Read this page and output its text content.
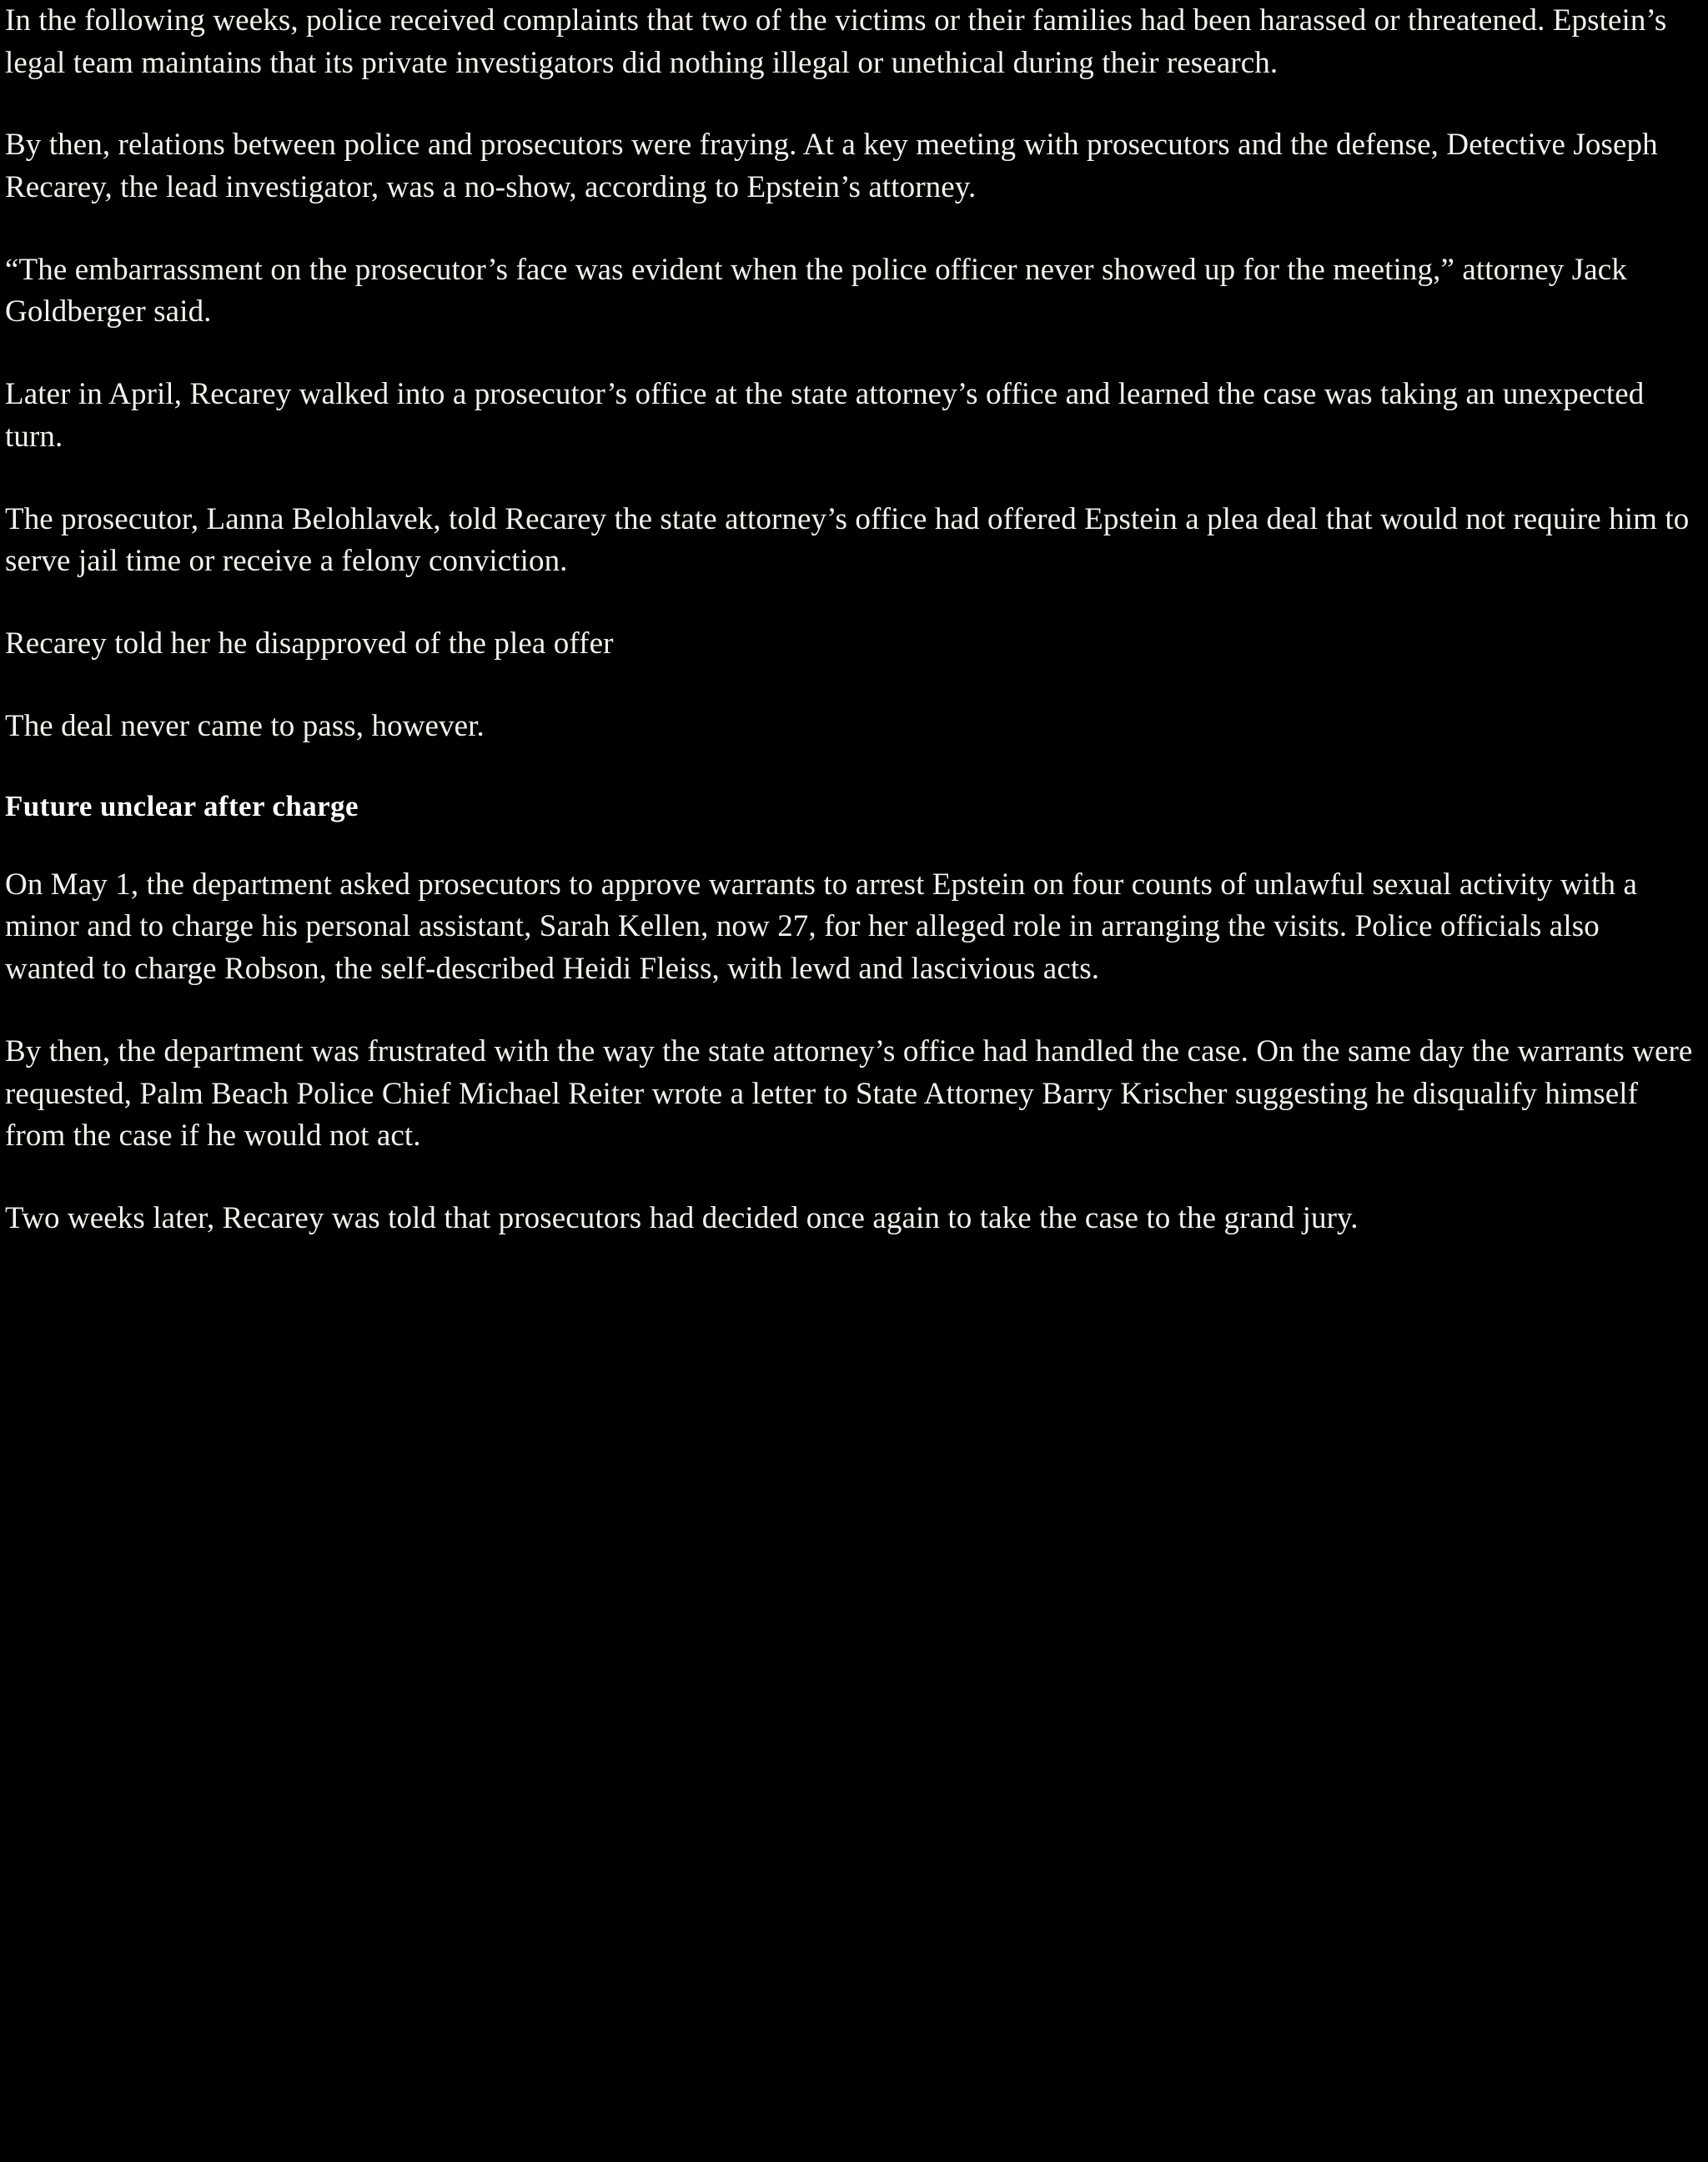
In the following weeks, police received complaints that two of the victims or their families had been harassed or threatened. Epstein’s legal team maintains that its private investigators did nothing illegal or unethical during their research.

By then, relations between police and prosecutors were fraying. At a key meeting with prosecutors and the defense, Detective Joseph Recarey, the lead investigator, was a no-show, according to Epstein’s attorney.

“The embarrassment on the prosecutor’s face was evident when the police officer never showed up for the meeting,” attorney Jack Goldberger said.

Later in April, Recarey walked into a prosecutor’s office at the state attorney’s office and learned the case was taking an unexpected turn.

The prosecutor, Lanna Belohlavek, told Recarey the state attorney’s office had offered Epstein a plea deal that would not require him to serve jail time or receive a felony conviction.

Recarey told her he disapproved of the plea offer

The deal never came to pass, however.

Future unclear after charge

On May 1, the department asked prosecutors to approve warrants to arrest Epstein on four counts of unlawful sexual activity with a minor and to charge his personal assistant, Sarah Kellen, now 27, for her alleged role in arranging the visits. Police officials also wanted to charge Robson, the self-described Heidi Fleiss, with lewd and lascivious acts.

By then, the department was frustrated with the way the state attorney’s office had handled the case. On the same day the warrants were requested, Palm Beach Police Chief Michael Reiter wrote a letter to State Attorney Barry Krischer suggesting he disqualify himself from the case if he would not act.

Two weeks later, Recarey was told that prosecutors had decided once again to take the case to the grand jury.
